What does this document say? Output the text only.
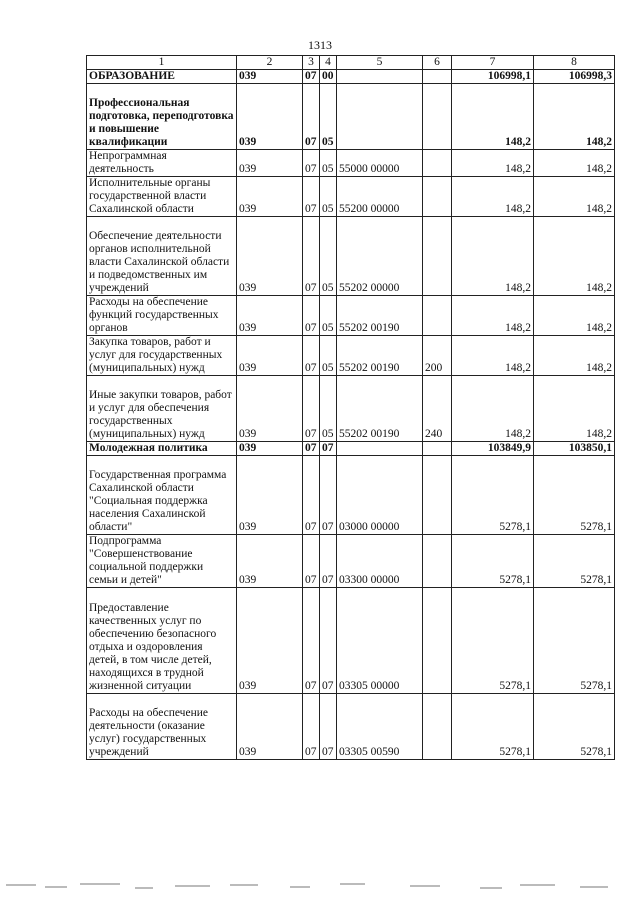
1313
1	2	3	4	5	6	7	8
ОБРАЗОВАНИЕ	039	07	00			106998,1	106998,3
Профессиональная подготовка, переподготовка и повышение квалификации	039	07	05			148,2	148,2
Непрограммная деятельность	039	07	05	55000 00000		148,2	148,2
Исполнительные органы государственной власти Сахалинской области	039	07	05	55200 00000		148,2	148,2
Обеспечение деятельности органов исполнительной власти Сахалинской области и подведомственных им учреждений	039	07	05	55202 00000		148,2	148,2
Расходы на обеспечение функций государственных органов	039	07	05	55202 00190		148,2	148,2
Закупка товаров, работ и услуг для государственных (муниципальных) нужд	039	07	05	55202 00190	200	148,2	148,2
Иные закупки товаров, работ и услуг для обеспечения государственных (муниципальных) нужд	039	07	05	55202 00190	240	148,2	148,2
Молодежная политика	039	07	07			103849,9	103850,1
Государственная программа Сахалинской области "Социальная поддержка населения Сахалинской области"	039	07	07	03000 00000		5278,1	5278,1
Подпрограмма "Совершенствование социальной поддержки семьи и детей"	039	07	07	03300 00000		5278,1	5278,1
Предоставление качественных услуг по обеспечению безопасного отдыха и оздоровления детей, в том числе детей, находящихся в трудной жизненной ситуации	039	07	07	03305 00000		5278,1	5278,1
Расходы на обеспечение деятельности (оказание услуг) государственных учреждений	039	07	07	03305 00590		5278,1	5278,1
